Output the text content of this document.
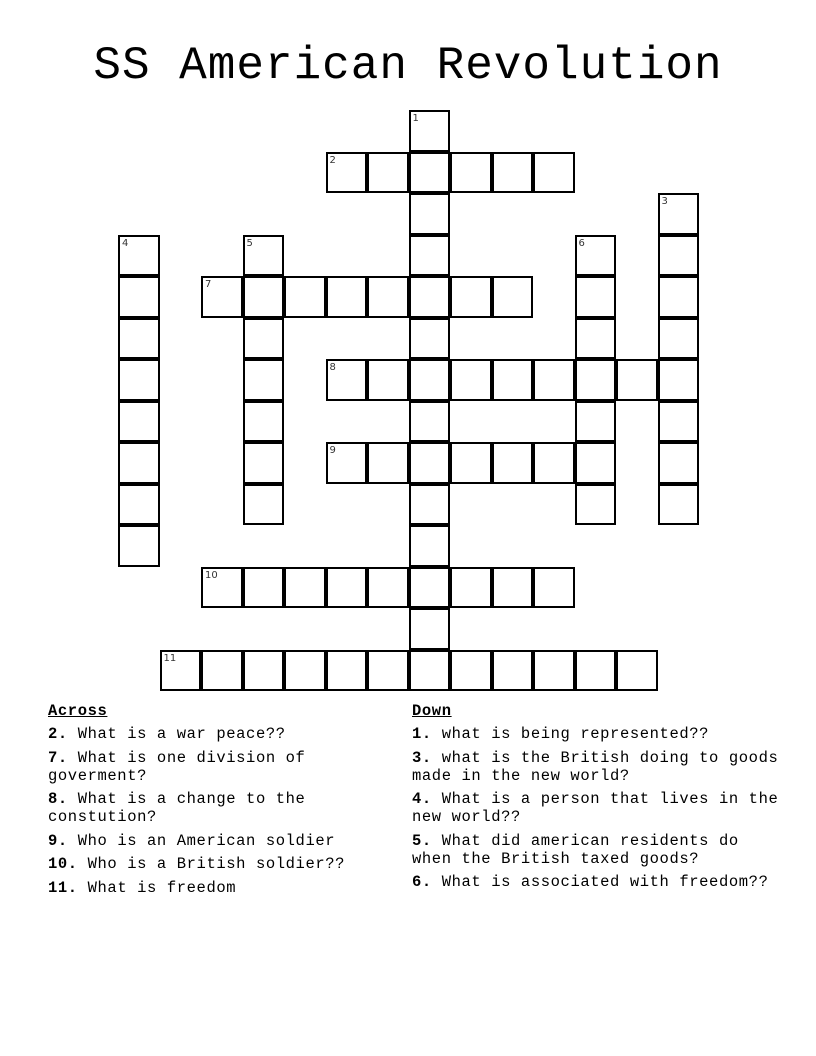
SS American Revolution
1
2
3
4	5	6
7
8
9
10
11
Across
2. What is a war peace??
7. What is one division of goverment?
8. What is a change to the constution?
9. Who is an American soldier
10. Who is a British soldier??
11. What is freedom
Down
1. what is being represented??
3. what is the British doing to goods made in the new world?
4. What is a person that lives in the new world??
5. What did american residents do when the British taxed goods?
6. What is associated with freedom??
